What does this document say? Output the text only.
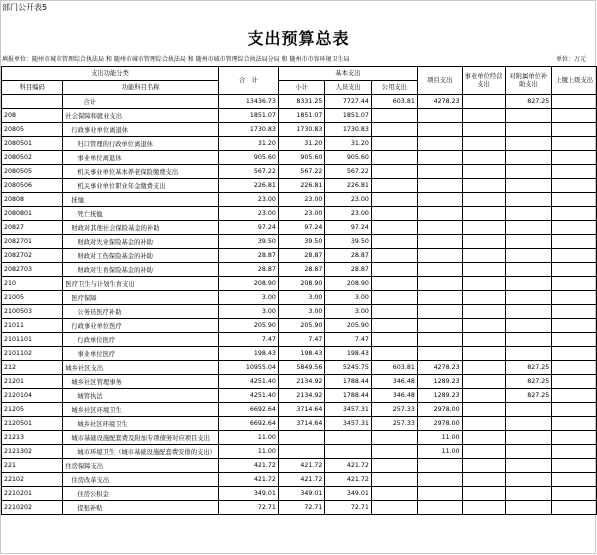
部门公开表5
支出预算总表
填报单位：随州市城市管理综合执法局 和 随州市城市管理综合执法局 和 随州市城市管理综合执法局分局 和 随州市市容环境卫生局	单位：万元
支出功能分类		合　计	基本支出			项目支出	事业单位经营支出	对附属单位补助支出	上缴上级支出
科目编码	功能科目名称		小计	人员支出	公用支出				
	合计	13436.73	8331.25	7727.44	603.81	4278.23		827.25	
208	社会保障和就业支出	1851.07	1851.07	1851.07					
20805	行政事业单位离退休	1730.83	1730.83	1730.83					
2080501	归口管理的行政单位离退休	31.20	31.20	31.20					
2080502	事业单位离退休	905.60	905.60	905.60					
2080505	机关事业单位基本养老保险缴费支出	567.22	567.22	567.22					
2080506	机关事业单位职业年金缴费支出	226.81	226.81	226.81					
20808	抚恤	23.00	23.00	23.00					
2080801	死亡抚恤	23.00	23.00	23.00					
20827	财政对其他社会保险基金的补助	97.24	97.24	97.24					
2082701	财政对失业保险基金的补助	39.50	39.50	39.50					
2082702	财政对工伤保险基金的补助	28.87	28.87	28.87					
2082703	财政对生育保险基金的补助	28.87	28.87	28.87					
210	医疗卫生与计划生育支出	208.90	208.90	208.90					
21005	医疗保障	3.00	3.00	3.00					
2100503	公务员医疗补助	3.00	3.00	3.00					
21011	行政事业单位医疗	205.90	205.90	205.90					
2101101	行政单位医疗	7.47	7.47	7.47					
2101102	事业单位医疗	198.43	198.43	198.43					
212	城乡社区支出	10955.04	5849.56	5245.75	603.81	4278.23		827.25	
21201	城乡社区管理事务	4251.40	2134.92	1788.44	346.48	1289.23		827.25	
2120104	城管执法	4251.40	2134.92	1788.44	346.48	1289.23		827.25	
21205	城乡社区环境卫生	6692.64	3714.64	3457.31	257.33	2978.00			
2120501	城乡社区环境卫生	6692.64	3714.64	3457.31	257.33	2978.00			
21213	城市基础设施配套费及附加专项债务对应项目支出	11.00				11.00			
2121302	城市环境卫生（城市基础设施配套费安排的支出）	11.00				11.00			
221	住房保障支出	421.72	421.72	421.72					
22102	住房改革支出	421.72	421.72	421.72					
2210201	住房公积金	349.01	349.01	349.01					
2210202	提租补贴	72.71	72.71	72.71					
